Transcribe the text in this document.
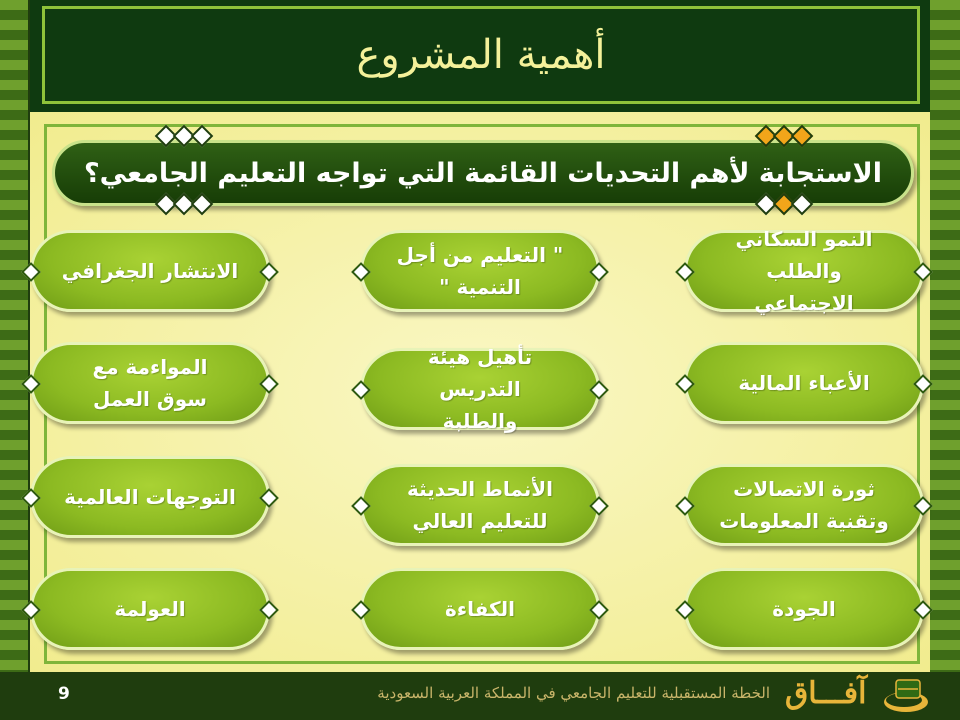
أهمية المشروع
الاستجابة لأهم التحديات القائمة التي تواجه التعليم الجامعي؟
النمو السكاني
والطلب الاجتماعي
" التعليم من أجل
التنمية "
الانتشار الجغرافي
الأعباء المالية
تأهيل هيئة التدريس
والطلبة
المواءمة مع
سوق العمل
ثورة الاتصالات
وتقنية المعلومات
الأنماط الحديثة
للتعليم العالي
التوجهات العالمية
الجودة
الكفاءة
العولمة
9	الخطة المستقبلية للتعليم الجامعي في المملكة العربية السعودية آفـــاق
